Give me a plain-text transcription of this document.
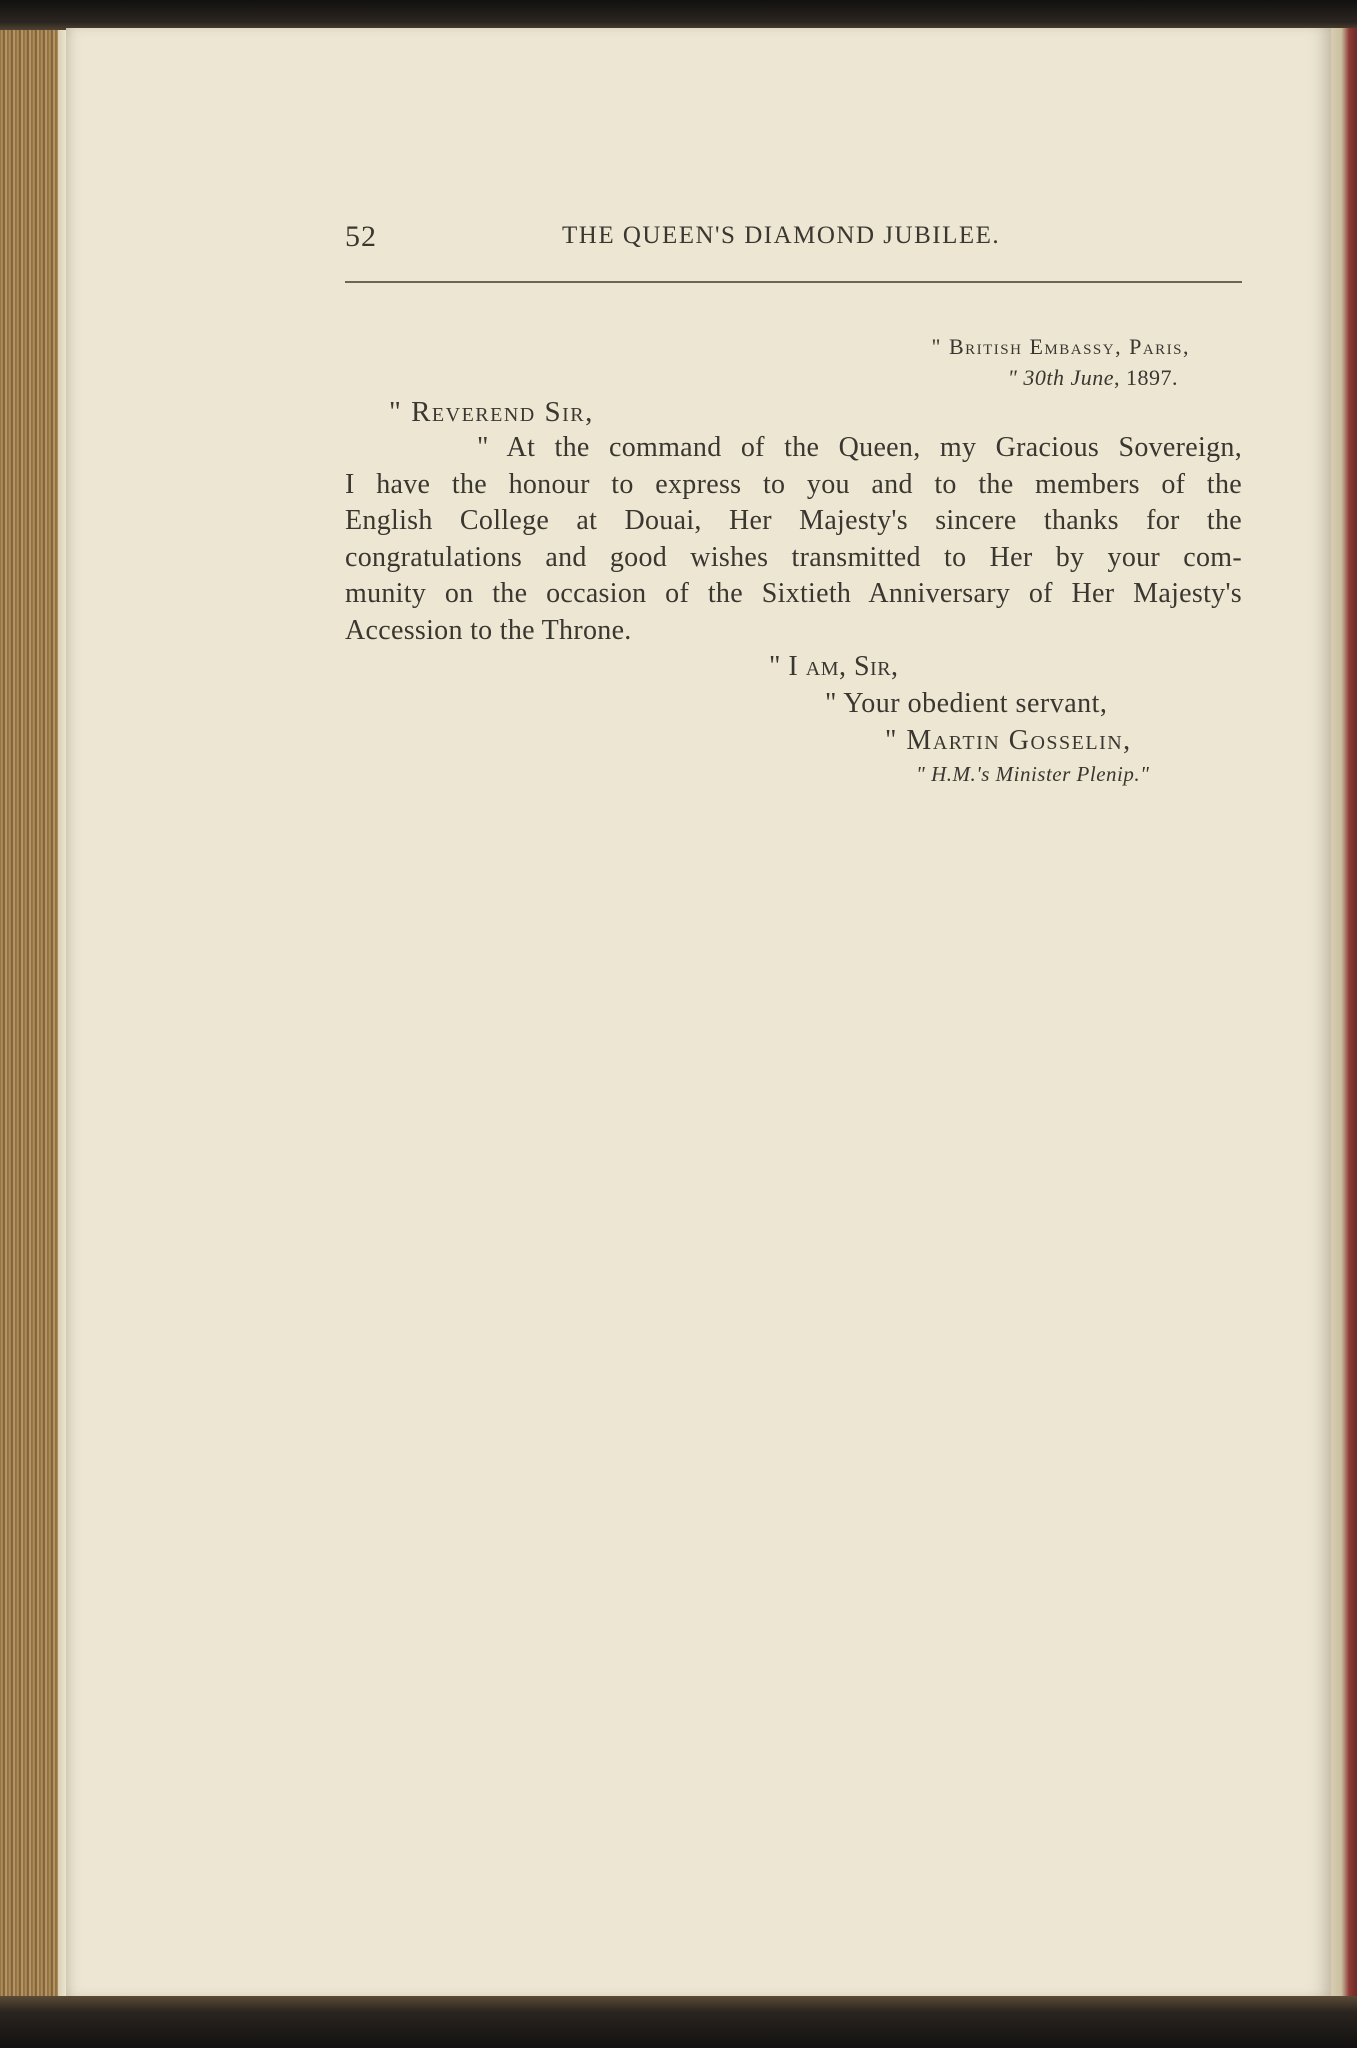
52	THE QUEEN'S DIAMOND JUBILEE.
" British Embassy, Paris,
" 30th June, 1897.
" Reverend Sir,
" At the command of the Queen, my Gracious Sovereign,
I have the honour to express to you and to the members of the
English College at Douai, Her Majesty's sincere thanks for the
congratulations and good wishes transmitted to Her by your com-
munity on the occasion of the Sixtieth Anniversary of Her Majesty's
Accession to the Throne.
" I am, Sir,
" Your obedient servant,
" Martin Gosselin,
" H.M.'s Minister Plenip."
